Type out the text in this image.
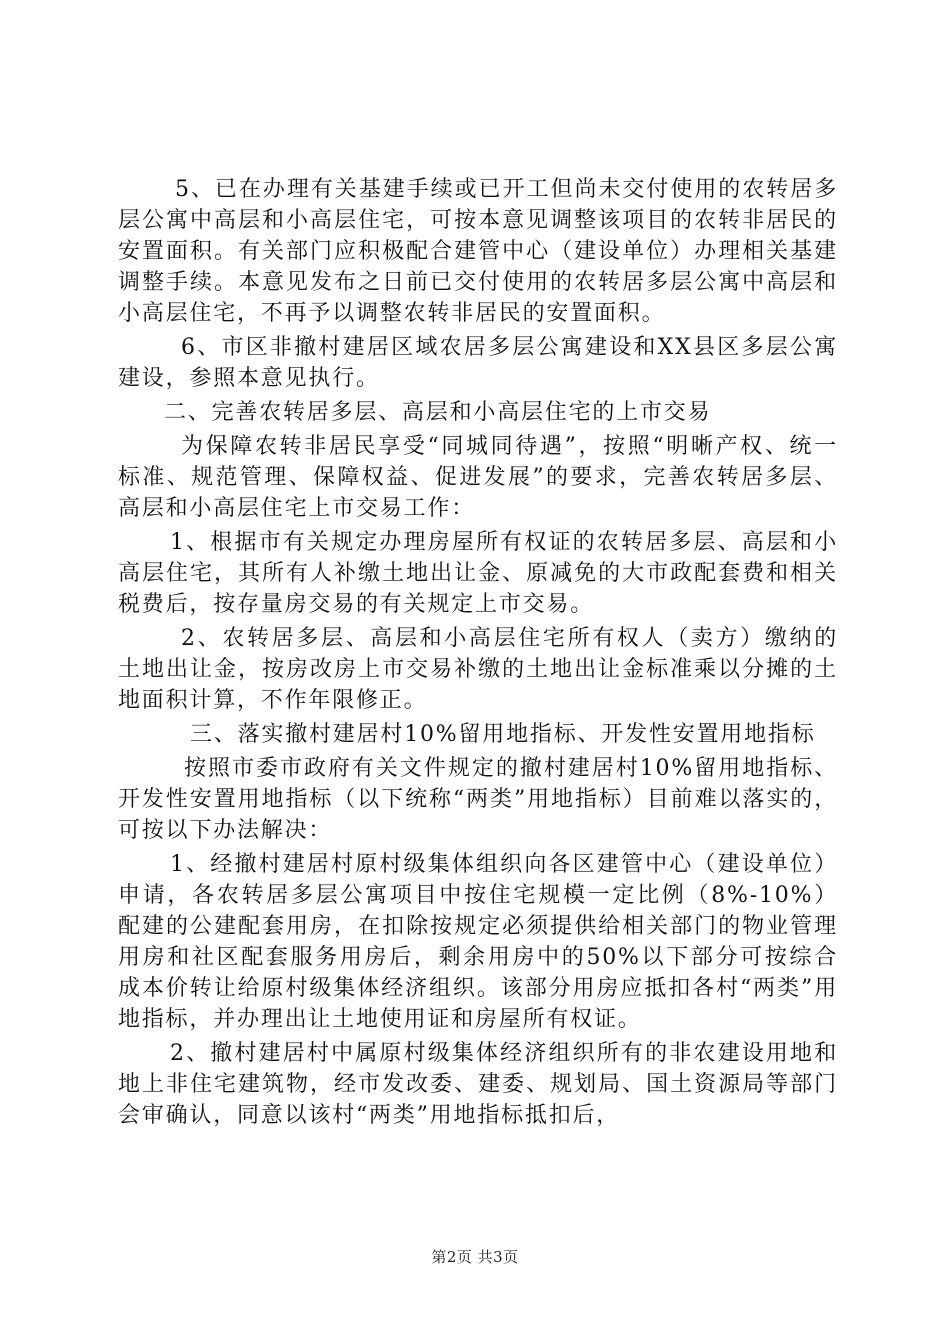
5、已在办理有关基建手续或已开工但尚未交付使用的农转居多层公寓中高层和小高层住宅，可按本意见调整该项目的农转非居民的安置面积。有关部门应积极配合建管中心（建设单位）办理相关基建调整手续。本意见发布之日前已交付使用的农转居多层公寓中高层和小高层住宅，不再予以调整农转非居民的安置面积。

6、市区非撤村建居区域农居多层公寓建设和XX县区多层公寓建设，参照本意见执行。

二、完善农转居多层、高层和小高层住宅的上市交易

为保障农转非居民享受“同城同待遇”，按照“明晰产权、统一标准、规范管理、保障权益、促进发展”的要求，完善农转居多层、高层和小高层住宅上市交易工作：

1、根据市有关规定办理房屋所有权证的农转居多层、高层和小高层住宅，其所有人补缴土地出让金、原减免的大市政配套费和相关税费后，按存量房交易的有关规定上市交易。

2、农转居多层、高层和小高层住宅所有权人（卖方）缴纳的土地出让金，按房改房上市交易补缴的土地出让金标准乘以分摊的土地面积计算，不作年限修正。

三、落实撤村建居村10%留用地指标、开发性安置用地指标

按照市委市政府有关文件规定的撤村建居村10%留用地指标、开发性安置用地指标（以下统称“两类”用地指标）目前难以落实的，可按以下办法解决：

1、经撤村建居村原村级集体组织向各区建管中心（建设单位）申请，各农转居多层公寓项目中按住宅规模一定比例（8%-10%）配建的公建配套用房，在扣除按规定必须提供给相关部门的物业管理用房和社区配套服务用房后，剩余用房中的50%以下部分可按综合成本价转让给原村级集体经济组织。该部分用房应抵扣各村“两类”用地指标，并办理出让土地使用证和房屋所有权证。

2、撤村建居村中属原村级集体经济组织所有的非农建设用地和地上非住宅建筑物，经市发改委、建委、规划局、国土资源局等部门会审确认，同意以该村“两类”用地指标抵扣后，

第2页 共3页
